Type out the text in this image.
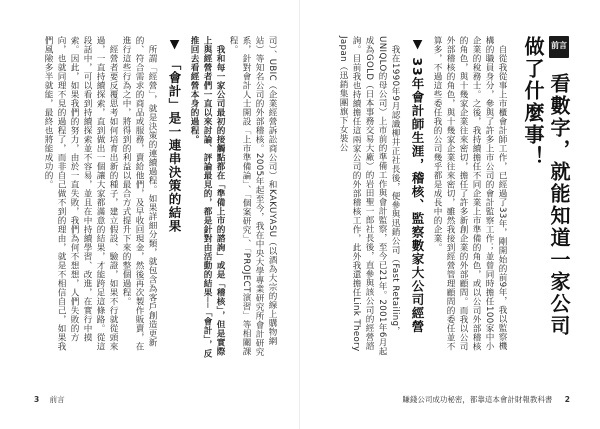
司）、UBIC（企業經營訴訟商公司）和KAKUYASU（以酒為大宗的線上購物網站）等知名公司的外部稽核。2005年起至今，我在中央大學專業研究所會計研究系，針對會計人士開設「上市準備論」、「個案研究」、「PROJECT演習」等相關課程。

我和每一家公司最初的接觸點都在「準備上市的諮詢」或是「稽核」，但是實際上與經營者們一直以來討論、評論最見的，都是針對由活動的結果──「會計」，反推回去看經營本身的過程。

▼ 「會計」是一連串決策的結果

所謂「經營」，就是決策的連續過程。如果詳細分類，就包含為客戶創造更新的、符合需求的商品或服務，賣給他們，及早收回現金，然後再次製作販賣，在進行這些行為之中，將得到的利益以最合方式提升下來的整個過程。

經營者要反覆思考如何培育出新的種子，建立假設、驗證，如果不行就從頭來過，一直持續探索，直到做出一個讓大家都滿意的結果，才能跨足這條路。從這段話中，可以看到持續探索並不容易，並且在中持續學習、改進，在實行中摸索。因此，如果我們的努力，由於一直失敗，我們為何不想想，人們失敗的方向，也就同理不見的過程了，而非自己做不到的理由，就是不相信自己，如果我們風險多半就能，最終也將能成功的。

3 前言
前言 看數字，就能知道一家公司做了什麼事！

自從我從事上市櫃會計師工作，已經過了33年，剛開始的前9年，我以監察機構的職員身分，參與了許多上市公司的會計監察工作；並曾同時擔任100家中小企業的稅務士。之後，我持續擔任不同企業上市準備的角色，或以公司外部稽核的角色，與十幾家企業往來密切，擔任了許多新創企業的外部顧問。而我以公司外部稽核的角色，與十幾家企業往來密切，雖然我接到經營管理顧問的委任並不算多，不過這些委任我的公司幾乎都是成長中的企業。

▼ 33年會計師生涯，稽核、監察數家大公司經營

我在1990年9月認識柳井正社長後，便參與迅銷公司（Fast Retailing，UNIQLO的母公司）上市前的準備工作與會計監察，至今已21年。2001年6月起成為GOLD（日本事務交易大廠）的岩田聖一郎社長後，直參與該公司的經營諮詢。目前我也持續擔任這兩家公司的外部稽核工作，此外我還擔任Link Theory Japan（迅銷集團旗下女裝公

賺錢公司成功秘密，都靠這本會計財報教科書 2
